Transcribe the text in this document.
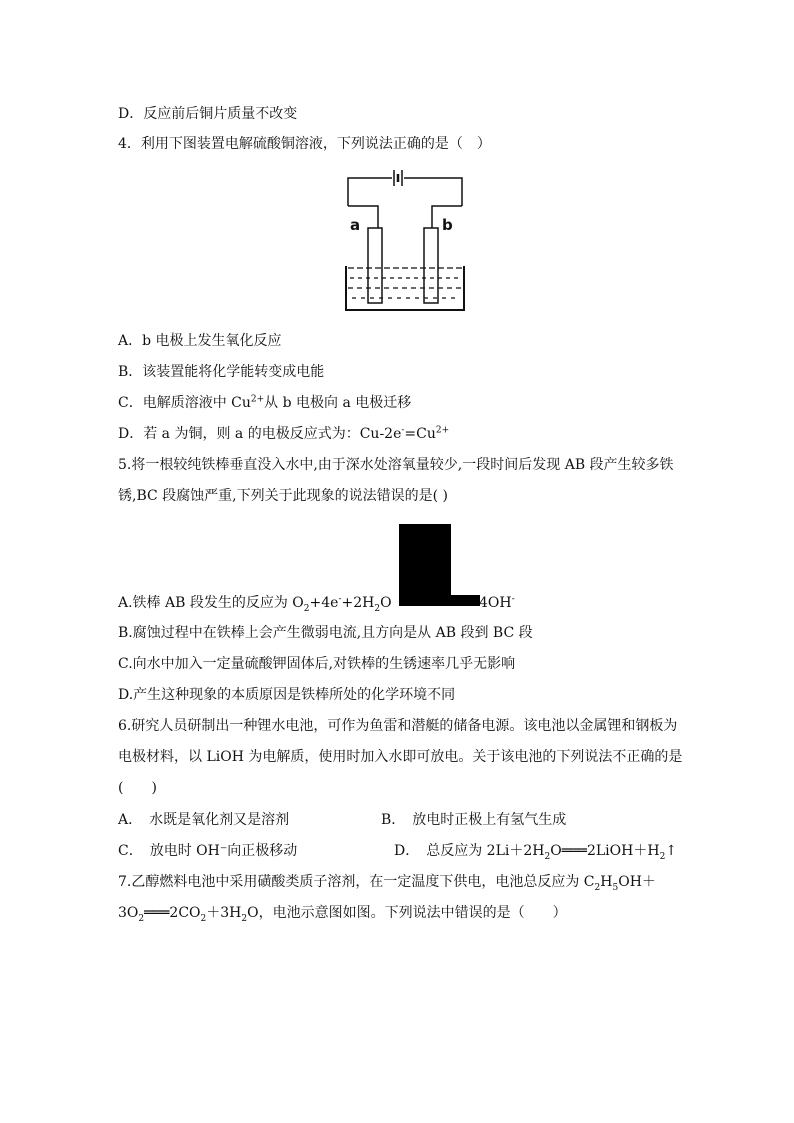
D．反应前后铜片质量不改变
4．利用下图装置电解硫酸铜溶液，下列说法正确的是（　）
a	b
A．b 电极上发生氧化反应
B．该装置能将化学能转变成电能
C．电解质溶液中 $Cu^{2+}$从 b 电极向 a 电极迁移
D．若 a 为铜，则 a 的电极反应式为：$Cu-2e^-=Cu^{2+}$
5.将一根较纯铁棒垂直没入水中,由于深水处溶氧量较少,一段时间后发现 AB 段产生较多铁
锈,BC 段腐蚀严重,下列关于此现象的说法错误的是( )
A.铁棒 AB 段发生的反应为 $O_2+4e^-+2H_2O$	4OH-
B.腐蚀过程中在铁棒上会产生微弱电流,且方向是从 AB 段到 BC 段
C.向水中加入一定量硫酸钾固体后,对铁棒的生锈速率几乎无影响
D.产生这种现象的本质原因是铁棒所处的化学环境不同
6.研究人员研制出一种锂水电池，可作为鱼雷和潜艇的储备电源。该电池以金属锂和钢板为
电极材料，以 LiOH 为电解质，使用时加入水即可放电。关于该电池的下列说法不正确的是
(　　)
A．　水既是氧化剂又是溶剂	B．　放电时正极上有氢气生成
C．　放电时 OH⁻向正极移动	D．　总反应为 $2Li+2H_2O═══2LiOH+H_2↑$
7.乙醇燃料电池中采用磺酸类质子溶剂，在一定温度下供电，电池总反应为 $C_2H_5OH+$
$3O_2═══2CO_2+3H_2O$，电池示意图如图。下列说法中错误的是（　　）
